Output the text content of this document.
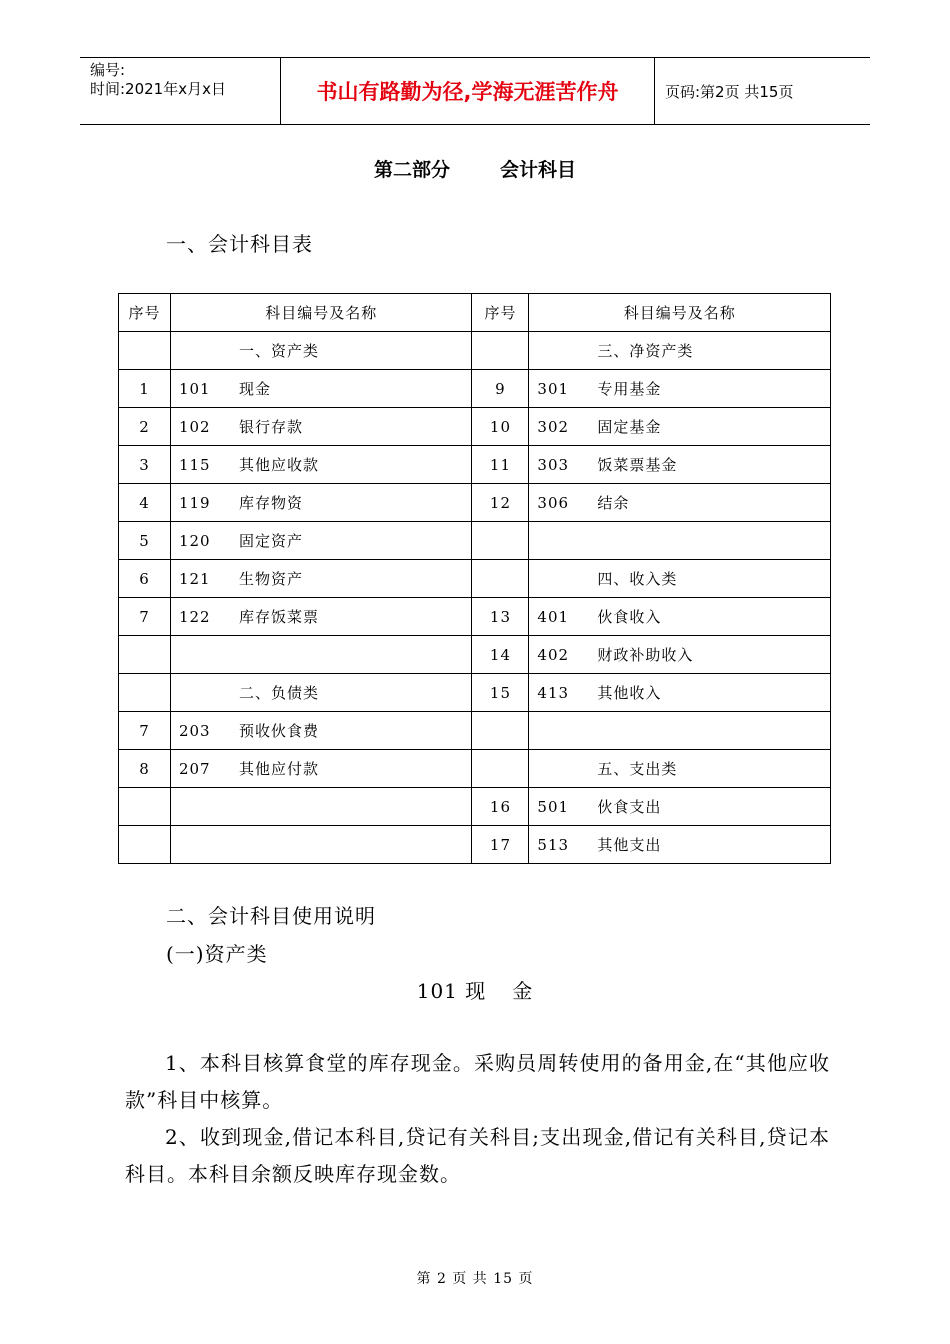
编号:
时间:2021年x月x日	书山有路勤为径,学海无涯苦作舟	页码:第2页 共15页
第二部分	会计科目
一、会计科目表
序号	科目编号及名称	序号	科目编号及名称
	一、资产类		三、净资产类
1	101 现金	9	301 专用基金
2	102 银行存款	10	302 固定基金
3	115 其他应收款	11	303 饭菜票基金
4	119 库存物资	12	306 结余
5	120 固定资产		
6	121 生物资产		四、收入类
7	122 库存饭菜票	13	401 伙食收入
		14	402 财政补助收入
	二、负债类	15	413 其他收入
7	203 预收伙食费		
8	207 其他应付款		五、支出类
		16	501 伙食支出
		17	513 其他支出
二、会计科目使用说明
(一)资产类
101 现 金
1、本科目核算食堂的库存现金。采购员周转使用的备用金,在“其他应收款”科目中核算。
2、收到现金,借记本科目,贷记有关科目;支出现金,借记有关科目,贷记本科目。本科目余额反映库存现金数。
第 2 页 共 15 页
